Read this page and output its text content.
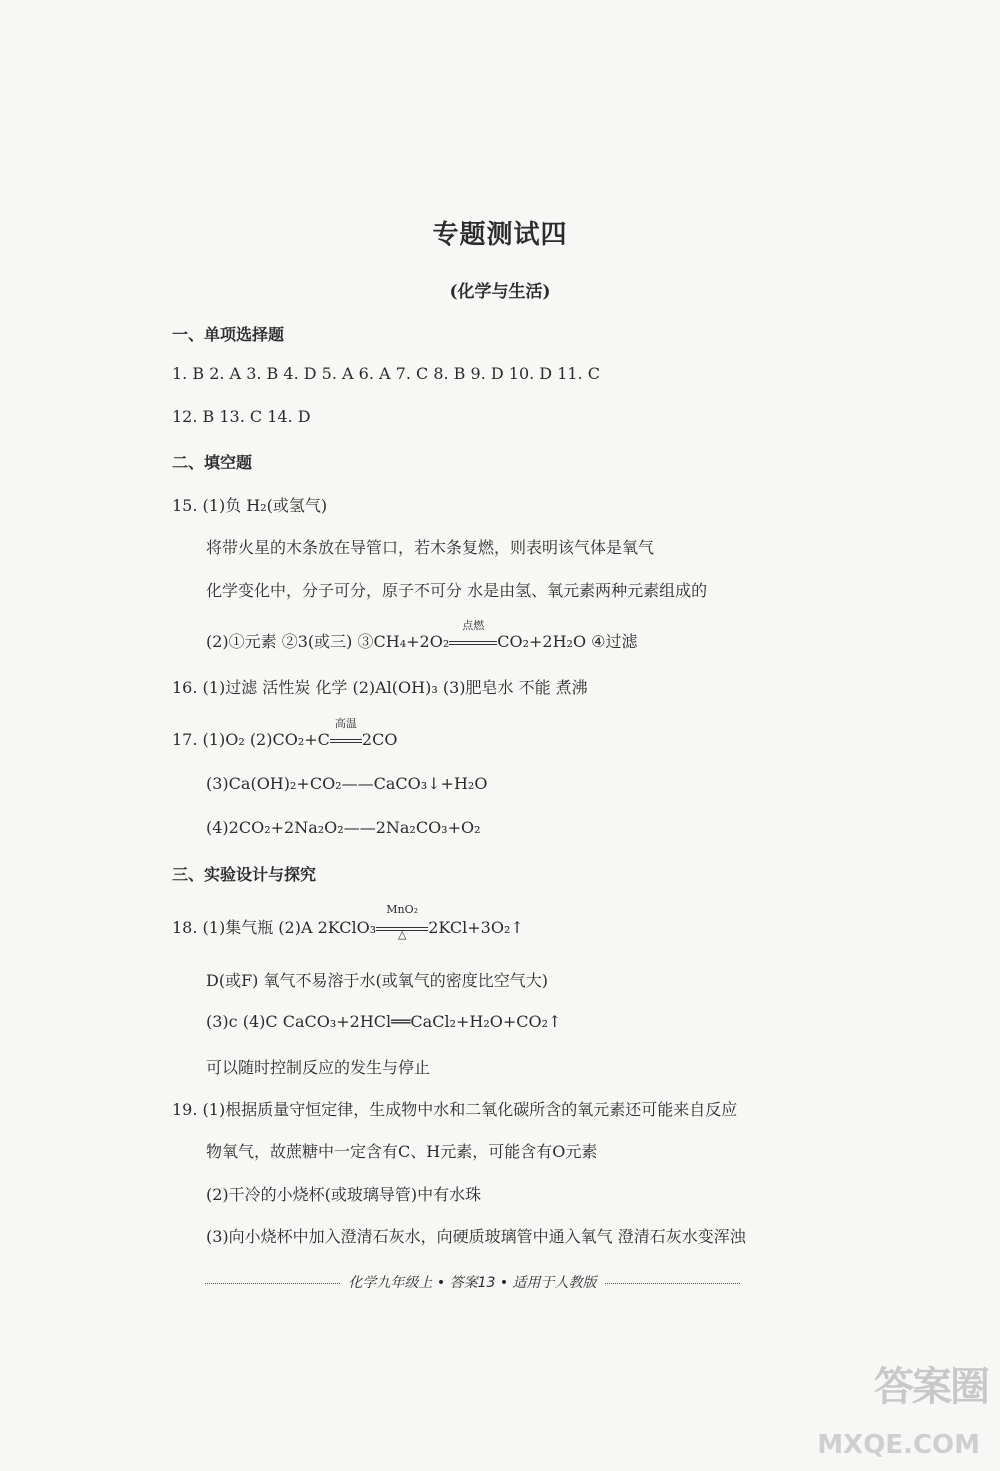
专题测试四
(化学与生活)
一、单项选择题
1. B 2. A 3. B 4. D 5. A 6. A 7. C 8. B 9. D 10. D 11. C
12. B 13. C 14. D
二、填空题
15. (1)负 H₂(或氢气)
将带火星的木条放在导管口，若木条复燃，则表明该气体是氧气
化学变化中，分子可分，原子不可分 水是由氢、氧元素两种元素组成的
(2)①元素 ②3(或三) ③CH₄+2O₂
点燃
CO₂+2H₂O ④过滤
16. (1)过滤 活性炭 化学 (2)Al(OH)₃ (3)肥皂水 不能 煮沸
17. (1)O₂ (2)CO₂+C
高温
2CO
(3)Ca(OH)₂+CO₂——CaCO₃↓+H₂O
(4)2CO₂+2Na₂O₂——2Na₂CO₃+O₂
三、实验设计与探究
18. (1)集气瓶 (2)A 2KClO₃
MnO₂
△	2KCl+3O₂↑
D(或F) 氧气不易溶于水(或氧气的密度比空气大)
(3)c (4)C CaCO₃+2HCl══CaCl₂+H₂O+CO₂↑
可以随时控制反应的发生与停止
19. (1)根据质量守恒定律，生成物中水和二氧化碳所含的氧元素还可能来自反应
物氧气，故蔗糖中一定含有C、H元素，可能含有O元素
(2)干冷的小烧杯(或玻璃导管)中有水珠
(3)向小烧杯中加入澄清石灰水，向硬质玻璃管中通入氧气 澄清石灰水变浑浊
化学九年级上 • 答案13 • 适用于人教版
答案圈
MXQE.COM
